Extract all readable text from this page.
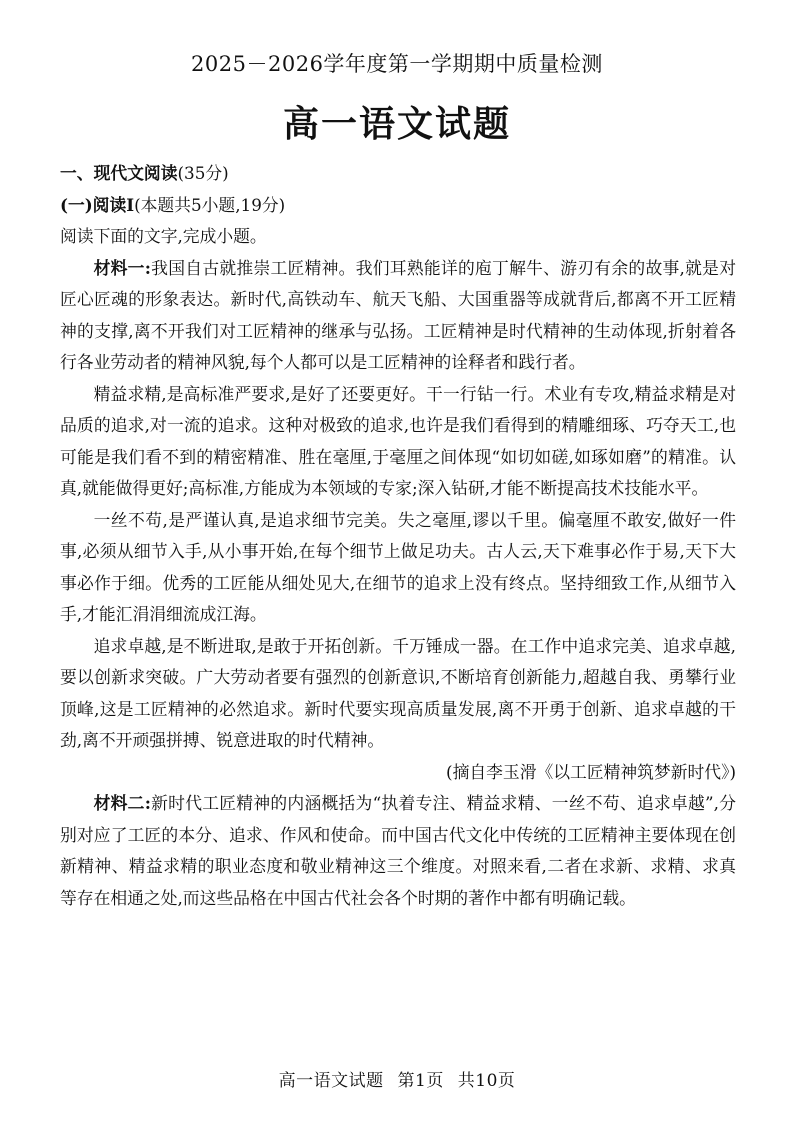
2025－2026学年度第一学期期中质量检测
高一语文试题

一、现代文阅读(35分)

(一)阅读Ⅰ(本题共5小题,19分)

阅读下面的文字,完成小题。

材料一:我国自古就推崇工匠精神。我们耳熟能详的庖丁解牛、游刃有余的故事,就是对匠心匠魂的形象表达。新时代,高铁动车、航天飞船、大国重器等成就背后,都离不开工匠精神的支撑,离不开我们对工匠精神的继承与弘扬。工匠精神是时代精神的生动体现,折射着各行各业劳动者的精神风貌,每个人都可以是工匠精神的诠释者和践行者。

精益求精,是高标准严要求,是好了还要更好。干一行钻一行。术业有专攻,精益求精是对品质的追求,对一流的追求。这种对极致的追求,也许是我们看得到的精雕细琢、巧夺天工,也可能是我们看不到的精密精准、胜在毫厘,于毫厘之间体现“如切如磋,如琢如磨”的精准。认真,就能做得更好;高标准,方能成为本领域的专家;深入钻研,才能不断提高技术技能水平。

一丝不苟,是严谨认真,是追求细节完美。失之毫厘,谬以千里。偏毫厘不敢安,做好一件事,必须从细节入手,从小事开始,在每个细节上做足功夫。古人云,天下难事必作于易,天下大事必作于细。优秀的工匠能从细处见大,在细节的追求上没有终点。坚持细致工作,从细节入手,才能汇涓涓细流成江海。

追求卓越,是不断进取,是敢于开拓创新。千万锤成一器。在工作中追求完美、追求卓越,要以创新求突破。广大劳动者要有强烈的创新意识,不断培育创新能力,超越自我、勇攀行业顶峰,这是工匠精神的必然追求。新时代要实现高质量发展,离不开勇于创新、追求卓越的干劲,离不开顽强拼搏、锐意进取的时代精神。

(摘自李玉滑《以工匠精神筑梦新时代》)

材料二:新时代工匠精神的内涵概括为“执着专注、精益求精、一丝不苟、追求卓越”,分别对应了工匠的本分、追求、作风和使命。而中国古代文化中传统的工匠精神主要体现在创新精神、精益求精的职业态度和敬业精神这三个维度。对照来看,二者在求新、求精、求真等存在相通之处,而这些品格在中国古代社会各个时期的著作中都有明确记载。

高一语文试题 第1页 共10页
